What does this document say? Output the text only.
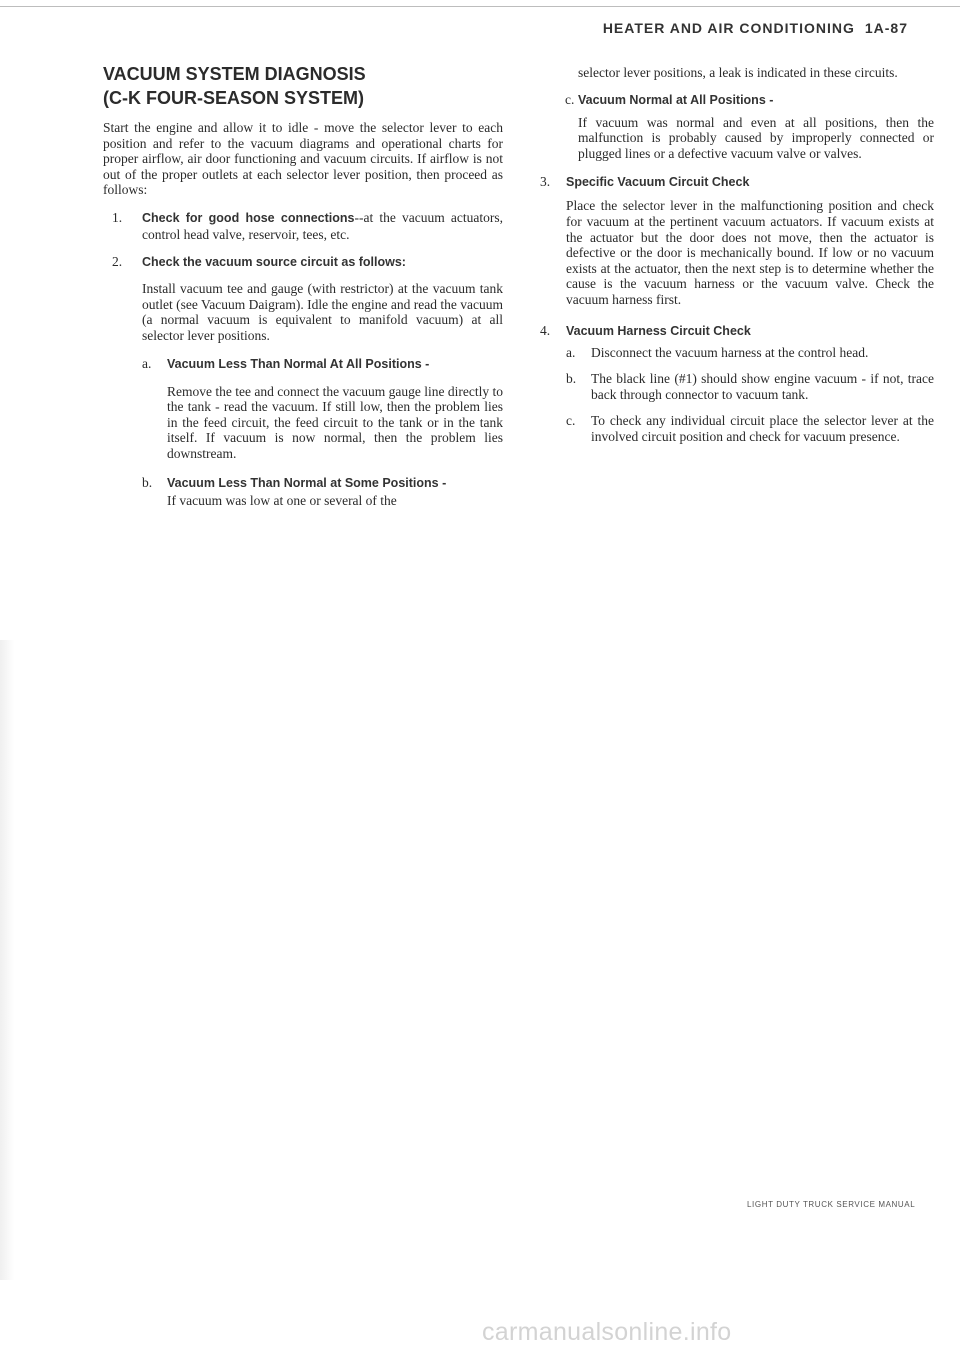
HEATER AND AIR CONDITIONING 1A-87
VACUUM SYSTEM DIAGNOSIS
(C-K FOUR-SEASON SYSTEM)

Start the engine and allow it to idle - move the selector lever to each position and refer to the vacuum diagrams and operational charts for proper airflow, air door functioning and vacuum circuits. If airflow is not out of the proper outlets at each selector lever position, then proceed as follows:

1. Check for good hose connections--at the vacuum actuators, control head valve, reservoir, tees, etc.

2. Check the vacuum source circuit as follows:

Install vacuum tee and gauge (with restrictor) at the vacuum tank outlet (see Vacuum Daigram). Idle the engine and read the vacuum (a normal vacuum is equivalent to manifold vacuum) at all selector lever positions.

a. Vacuum Less Than Normal At All Positions -

Remove the tee and connect the vacuum gauge line directly to the tank - read the vacuum. If still low, then the problem lies in the feed circuit, the feed circuit to the tank or in the tank itself. If vacuum is now normal, then the problem lies downstream.

b. Vacuum Less Than Normal at Some Positions -

If vacuum was low at one or several of the

selector lever positions, a leak is indicated in these circuits.

c. Vacuum Normal at All Positions -

If vacuum was normal and even at all positions, then the malfunction is probably caused by improperly connected or plugged lines or a defective vacuum valve or valves.

3. Specific Vacuum Circuit Check

Place the selector lever in the malfunctioning position and check for vacuum at the pertinent vacuum actuators. If vacuum exists at the actuator but the door does not move, then the actuator is defective or the door is mechanically bound. If low or no vacuum exists at the actuator, then the next step is to determine whether the cause is the vacuum harness or the vacuum valve. Check the vacuum harness first.

4. Vacuum Harness Circuit Check
a. Disconnect the vacuum harness at the control head.

b. The black line (#1) should show engine vacuum - if not, trace back through connector to vacuum tank.

c. To check any individual circuit place the selector lever at the involved circuit position and check for vacuum presence.

LIGHT DUTY TRUCK SERVICE MANUAL
carmanualsonline.info
